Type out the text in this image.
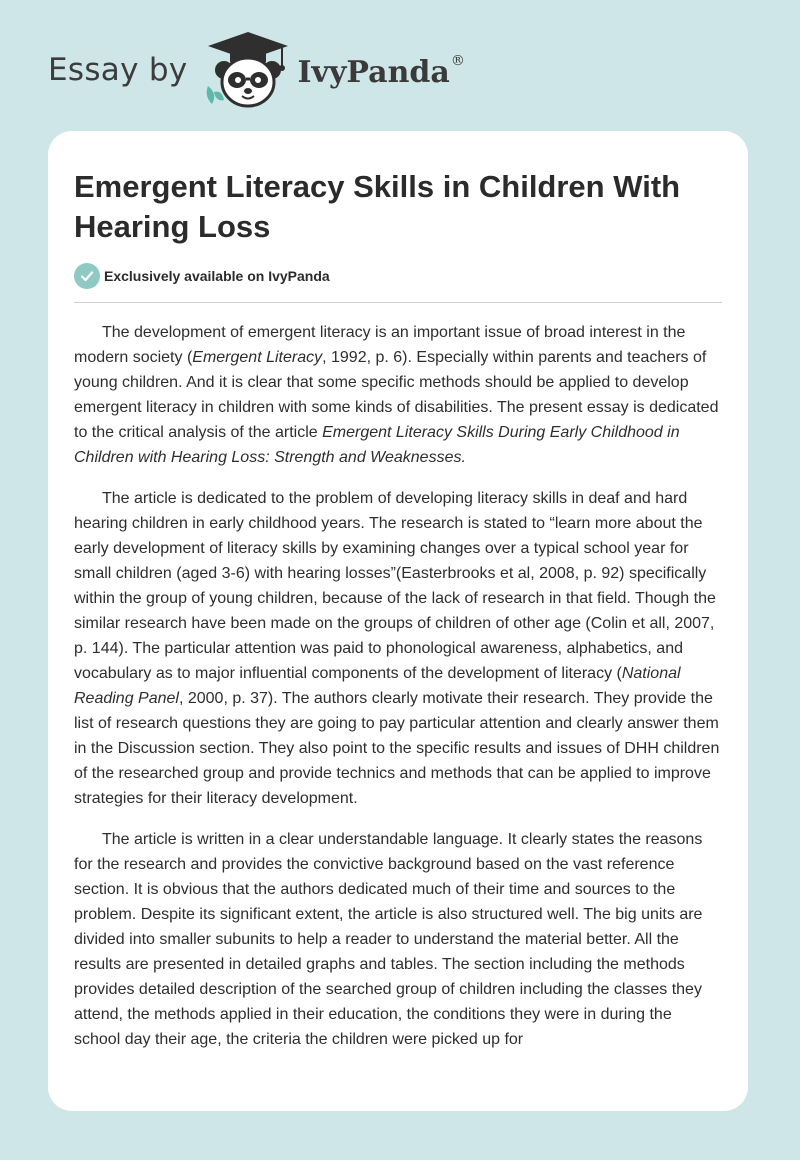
Essay by	IvyPanda®
Emergent Literacy Skills in Children With Hearing Loss
Exclusively available on IvyPanda

The development of emergent literacy is an important issue of broad interest in the modern society (Emergent Literacy, 1992, p. 6). Especially within parents and teachers of young children. And it is clear that some specific methods should be applied to develop emergent literacy in children with some kinds of disabilities. The present essay is dedicated to the critical analysis of the article Emergent Literacy Skills During Early Childhood in Children with Hearing Loss: Strength and Weaknesses.

The article is dedicated to the problem of developing literacy skills in deaf and hard hearing children in early childhood years. The research is stated to “learn more about the early development of literacy skills by examining changes over a typical school year for small children (aged 3-6) with hearing losses”(Easterbrooks et al, 2008, p. 92) specifically within the group of young children, because of the lack of research in that field. Though the similar research have been made on the groups of children of other age (Colin et all, 2007, p. 144). The particular attention was paid to phonological awareness, alphabetics, and vocabulary as to major influential components of the development of literacy (National Reading Panel, 2000, p. 37). The authors clearly motivate their research. They provide the list of research questions they are going to pay particular attention and clearly answer them in the Discussion section. They also point to the specific results and issues of DHH children of the researched group and provide technics and methods that can be applied to improve strategies for their literacy development.

The article is written in a clear understandable language. It clearly states the reasons for the research and provides the convictive background based on the vast reference section. It is obvious that the authors dedicated much of their time and sources to the problem. Despite its significant extent, the article is also structured well. The big units are divided into smaller subunits to help a reader to understand the material better. All the results are presented in detailed graphs and tables. The section including the methods provides detailed description of the searched group of children including the classes they attend, the methods applied in their education, the conditions they were in during the school day their age, the criteria the children were picked up for
